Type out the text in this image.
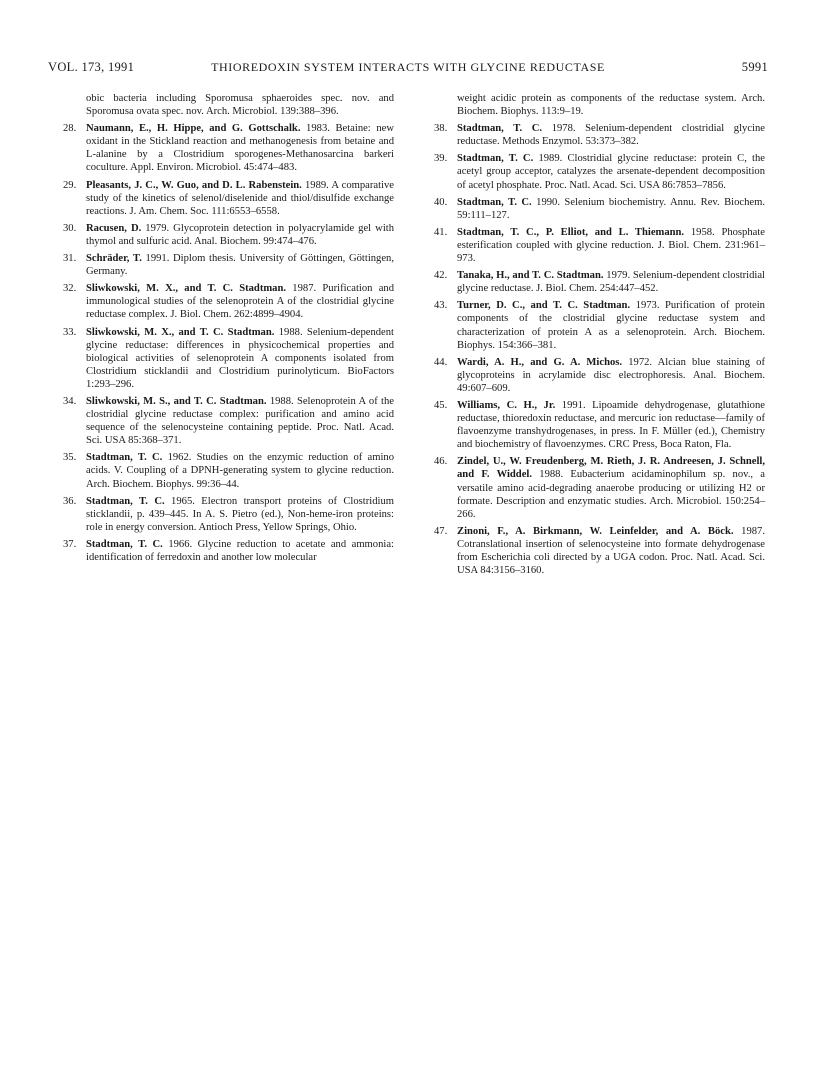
VOL. 173, 1991	THIOREDOXIN SYSTEM INTERACTS WITH GLYCINE REDUCTASE	5991
obic bacteria including Sporomusa sphaeroides spec. nov. and Sporomusa ovata spec. nov. Arch. Microbiol. 139:388–396.
28. Naumann, E., H. Hippe, and G. Gottschalk. 1983. Betaine: new oxidant in the Stickland reaction and methanogenesis from betaine and L-alanine by a Clostridium sporogenes-Methanosarcina barkeri coculture. Appl. Environ. Microbiol. 45:474–483.
29. Pleasants, J. C., W. Guo, and D. L. Rabenstein. 1989. A comparative study of the kinetics of selenol/diselenide and thiol/disulfide exchange reactions. J. Am. Chem. Soc. 111:6553–6558.
30. Racusen, D. 1979. Glycoprotein detection in polyacrylamide gel with thymol and sulfuric acid. Anal. Biochem. 99:474–476.
31. Schräder, T. 1991. Diplom thesis. University of Göttingen, Göttingen, Germany.
32. Sliwkowski, M. X., and T. C. Stadtman. 1987. Purification and immunological studies of the selenoprotein A of the clostridial glycine reductase complex. J. Biol. Chem. 262:4899–4904.
33. Sliwkowski, M. X., and T. C. Stadtman. 1988. Selenium-dependent glycine reductase: differences in physicochemical properties and biological activities of selenoprotein A components isolated from Clostridium sticklandii and Clostridium purinolyticum. BioFactors 1:293–296.
34. Sliwkowski, M. S., and T. C. Stadtman. 1988. Selenoprotein A of the clostridial glycine reductase complex: purification and amino acid sequence of the selenocysteine containing peptide. Proc. Natl. Acad. Sci. USA 85:368–371.
35. Stadtman, T. C. 1962. Studies on the enzymic reduction of amino acids. V. Coupling of a DPNH-generating system to glycine reduction. Arch. Biochem. Biophys. 99:36–44.
36. Stadtman, T. C. 1965. Electron transport proteins of Clostridium sticklandii, p. 439–445. In A. S. Pietro (ed.), Non-heme-iron proteins: role in energy conversion. Antioch Press, Yellow Springs, Ohio.
37. Stadtman, T. C. 1966. Glycine reduction to acetate and ammonia: identification of ferredoxin and another low molecular
weight acidic protein as components of the reductase system. Arch. Biochem. Biophys. 113:9–19.
38. Stadtman, T. C. 1978. Selenium-dependent clostridial glycine reductase. Methods Enzymol. 53:373–382.
39. Stadtman, T. C. 1989. Clostridial glycine reductase: protein C, the acetyl group acceptor, catalyzes the arsenate-dependent decomposition of acetyl phosphate. Proc. Natl. Acad. Sci. USA 86:7853–7856.
40. Stadtman, T. C. 1990. Selenium biochemistry. Annu. Rev. Biochem. 59:111–127.
41. Stadtman, T. C., P. Elliot, and L. Thiemann. 1958. Phosphate esterification coupled with glycine reduction. J. Biol. Chem. 231:961–973.
42. Tanaka, H., and T. C. Stadtman. 1979. Selenium-dependent clostridial glycine reductase. J. Biol. Chem. 254:447–452.
43. Turner, D. C., and T. C. Stadtman. 1973. Purification of protein components of the clostridial glycine reductase system and characterization of protein A as a selenoprotein. Arch. Biochem. Biophys. 154:366–381.
44. Wardi, A. H., and G. A. Michos. 1972. Alcian blue staining of glycoproteins in acrylamide disc electrophoresis. Anal. Biochem. 49:607–609.
45. Williams, C. H., Jr. 1991. Lipoamide dehydrogenase, glutathione reductase, thioredoxin reductase, and mercuric ion reductase—family of flavoenzyme transhydrogenases, in press. In F. Müller (ed.), Chemistry and biochemistry of flavoenzymes. CRC Press, Boca Raton, Fla.
46. Zindel, U., W. Freudenberg, M. Rieth, J. R. Andreesen, J. Schnell, and F. Widdel. 1988. Eubacterium acidaminophilum sp. nov., a versatile amino acid-degrading anaerobe producing or utilizing H2 or formate. Description and enzymatic studies. Arch. Microbiol. 150:254–266.
47. Zinoni, F., A. Birkmann, W. Leinfelder, and A. Böck. 1987. Cotranslational insertion of selenocysteine into formate dehydrogenase from Escherichia coli directed by a UGA codon. Proc. Natl. Acad. Sci. USA 84:3156–3160.
